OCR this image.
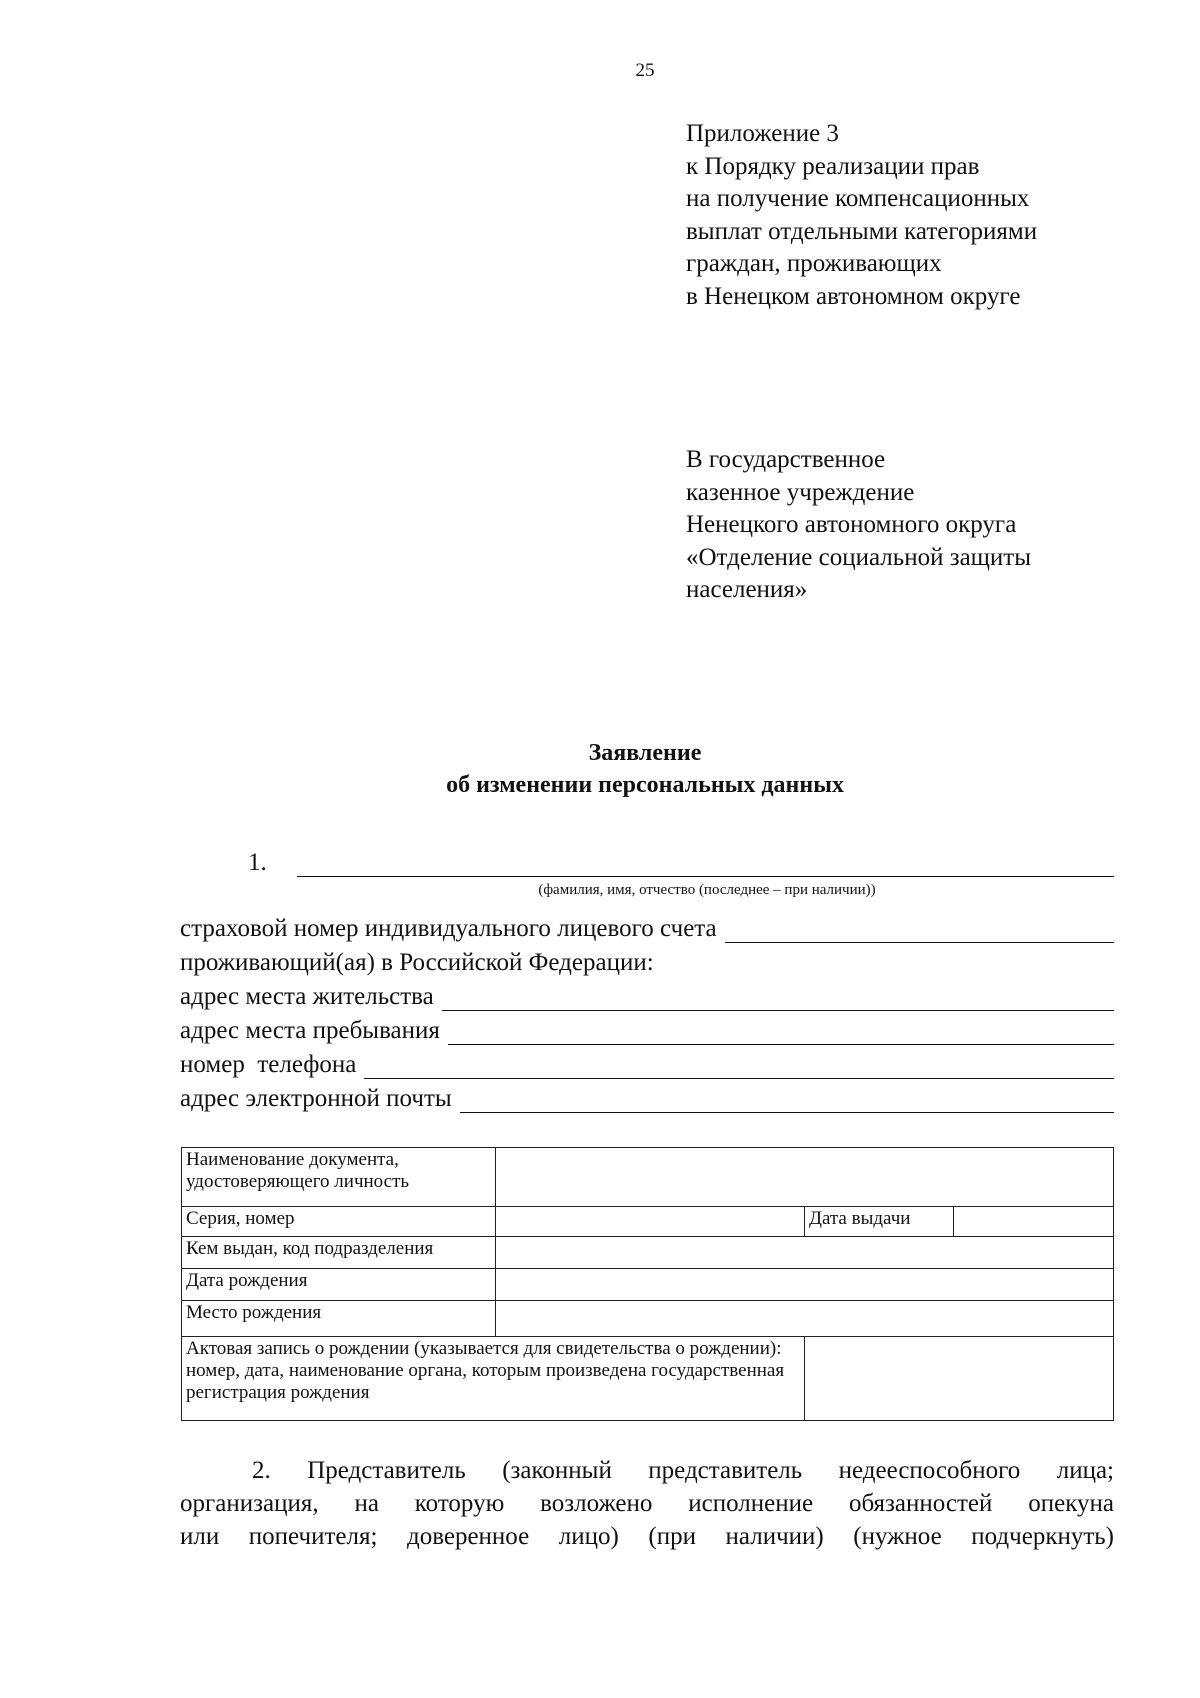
25
Приложение 3
к Порядку реализации прав
на получение компенсационных
выплат отдельными категориями
граждан, проживающих
в Ненецком автономном округе
В государственное
казенное учреждение
Ненецкого автономного округа
«Отделение социальной защиты
населения»
Заявление
об изменении персональных данных
1.
(фамилия, имя, отчество (последнее – при наличии))
страховой номер индивидуального лицевого счета
проживающий(ая) в Российской Федерации:
адрес места жительства
адрес места пребывания
номер  телефона
адрес электронной почты
Наименование документа, удостоверяющего личность			
Серия, номер		Дата выдачи	
Кем выдан, код подразделения			
Дата рождения			
Место рождения			
Актовая запись о рождении (указывается для свидетельства о рождении): номер, дата, наименование органа, которым произведена государственная регистрация рождения			
2. Представитель (законный представитель недееспособного лица;
организация, на которую возложено исполнение обязанностей опекуна
или попечителя; доверенное лицо) (при наличии) (нужное подчеркнуть)
